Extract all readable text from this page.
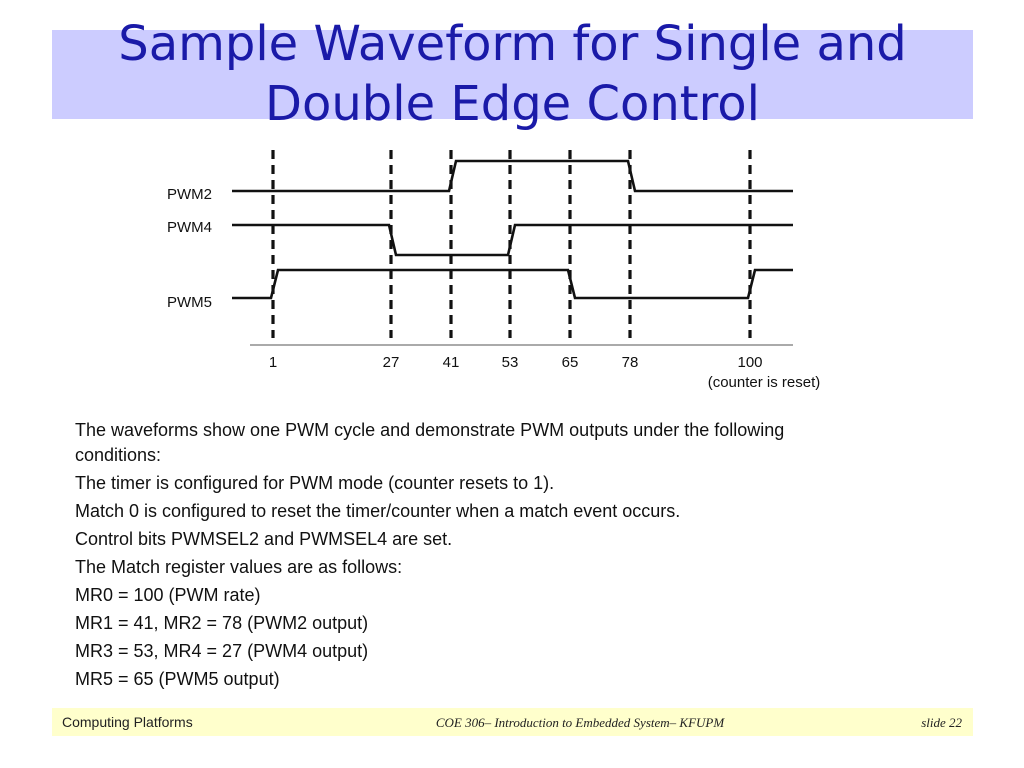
Sample Waveform for Single and
Double Edge Control
1	27	41	53	65	78	100
(counter is reset)
PWM2
PWM4
PWM5
The waveforms show one PWM cycle and demonstrate PWM outputs under the following
conditions:
The timer is configured for PWM mode (counter resets to 1).
Match 0 is configured to reset the timer/counter when a match event occurs.
Control bits PWMSEL2 and PWMSEL4 are set.
The Match register values are as follows:
MR0 = 100 (PWM rate)
MR1 = 41, MR2 = 78 (PWM2 output)
MR3 = 53, MR4 = 27 (PWM4 output)
MR5 = 65 (PWM5 output)
Computing Platforms	COE 306– Introduction to Embedded System– KFUPM	slide 22
